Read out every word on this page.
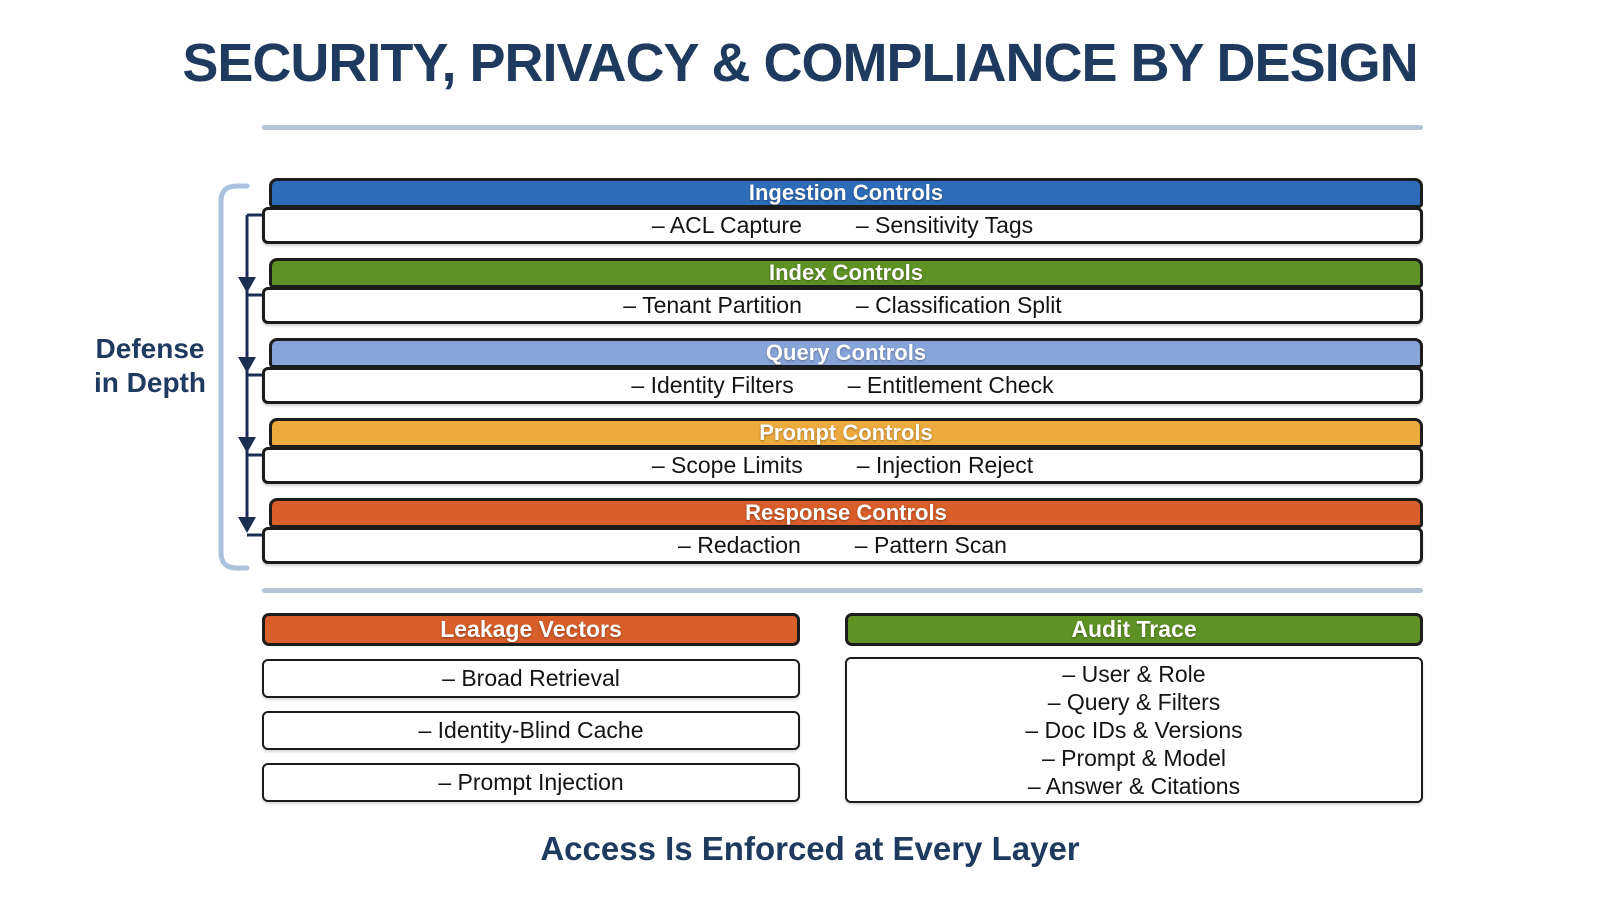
SECURITY, PRIVACY & COMPLIANCE BY DESIGN
Defense
in Depth
Ingestion Controls
– ACL Capture – Sensitivity Tags
Index Controls
– Tenant Partition – Classification Split
Query Controls
– Identity Filters – Entitlement Check
Prompt Controls
– Scope Limits – Injection Reject
Response Controls
– Redaction – Pattern Scan
Leakage Vectors
– Broad Retrieval
– Identity-Blind Cache
– Prompt Injection
Audit Trace
– User & Role
– Query & Filters
– Doc IDs & Versions
– Prompt & Model
– Answer & Citations
Access Is Enforced at Every Layer
